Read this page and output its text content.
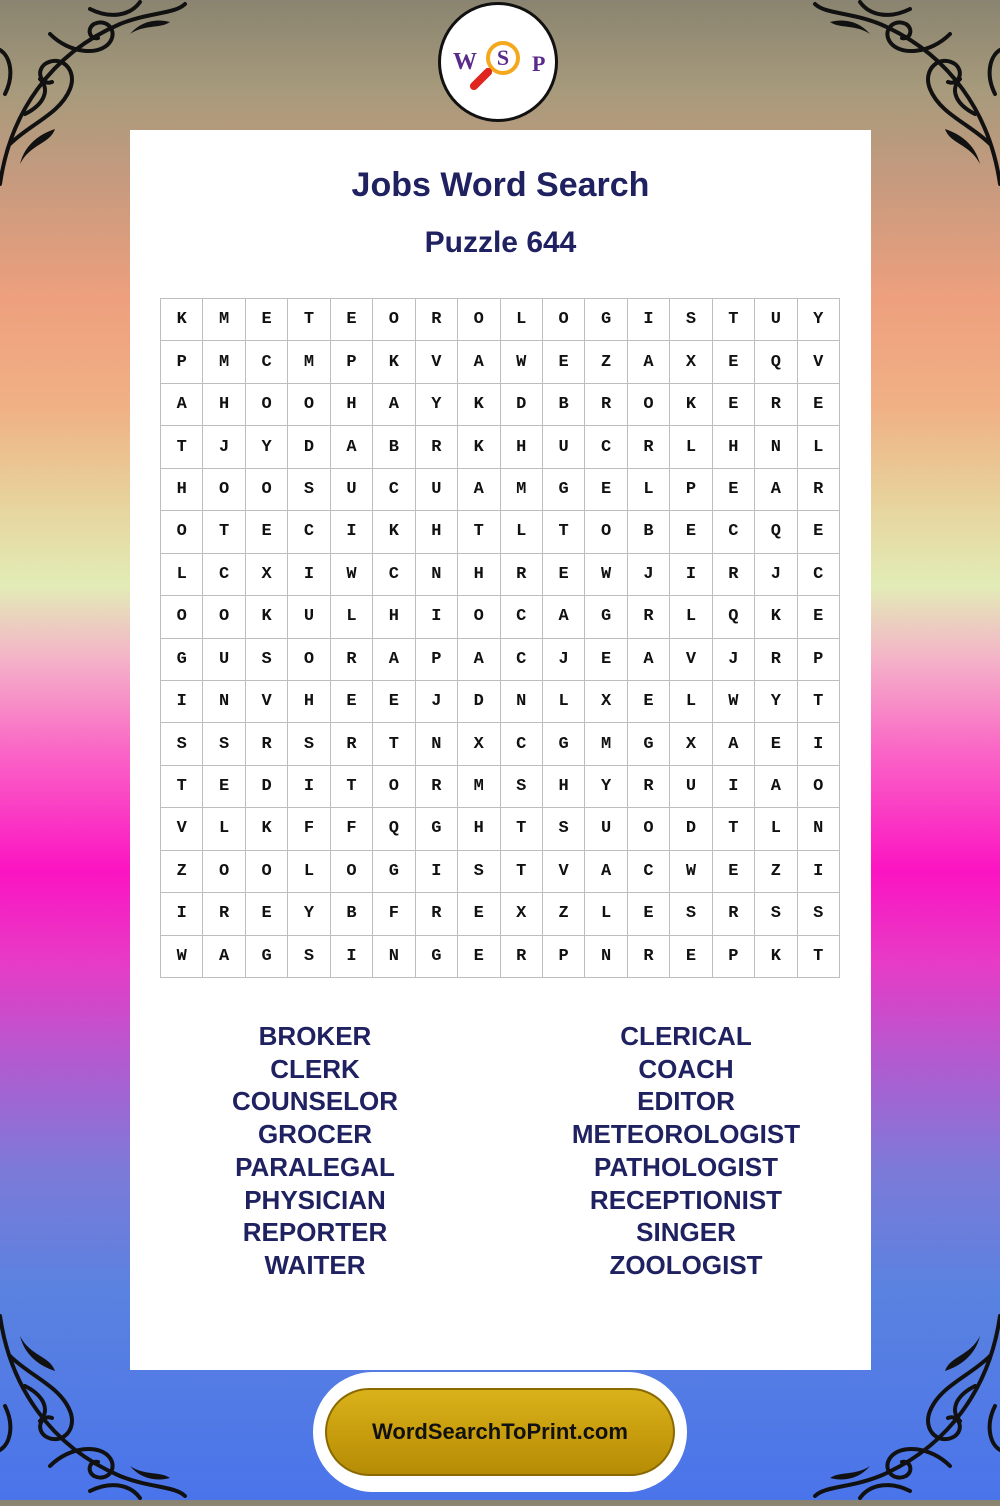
W S P
Jobs Word Search
Puzzle 644
K	M	E	T	E	O	R	O	L	O	G	I	S	T	U	Y
P	M	C	M	P	K	V	A	W	E	Z	A	X	E	Q	V
A	H	O	O	H	A	Y	K	D	B	R	O	K	E	R	E
T	J	Y	D	A	B	R	K	H	U	C	R	L	H	N	L
H	O	O	S	U	C	U	A	M	G	E	L	P	E	A	R
O	T	E	C	I	K	H	T	L	T	O	B	E	C	Q	E
L	C	X	I	W	C	N	H	R	E	W	J	I	R	J	C
O	O	K	U	L	H	I	O	C	A	G	R	L	Q	K	E
G	U	S	O	R	A	P	A	C	J	E	A	V	J	R	P
I	N	V	H	E	E	J	D	N	L	X	E	L	W	Y	T
S	S	R	S	R	T	N	X	C	G	M	G	X	A	E	I
T	E	D	I	T	O	R	M	S	H	Y	R	U	I	A	O
V	L	K	F	F	Q	G	H	T	S	U	O	D	T	L	N
Z	O	O	L	O	G	I	S	T	V	A	C	W	E	Z	I
I	R	E	Y	B	F	R	E	X	Z	L	E	S	R	S	S
W	A	G	S	I	N	G	E	R	P	N	R	E	P	K	T
BROKER
CLERK
COUNSELOR
GROCER
PARALEGAL
PHYSICIAN
REPORTER
WAITER
CLERICAL
COACH
EDITOR
METEOROLOGIST
PATHOLOGIST
RECEPTIONIST
SINGER
ZOOLOGIST
WordSearchToPrint.com
